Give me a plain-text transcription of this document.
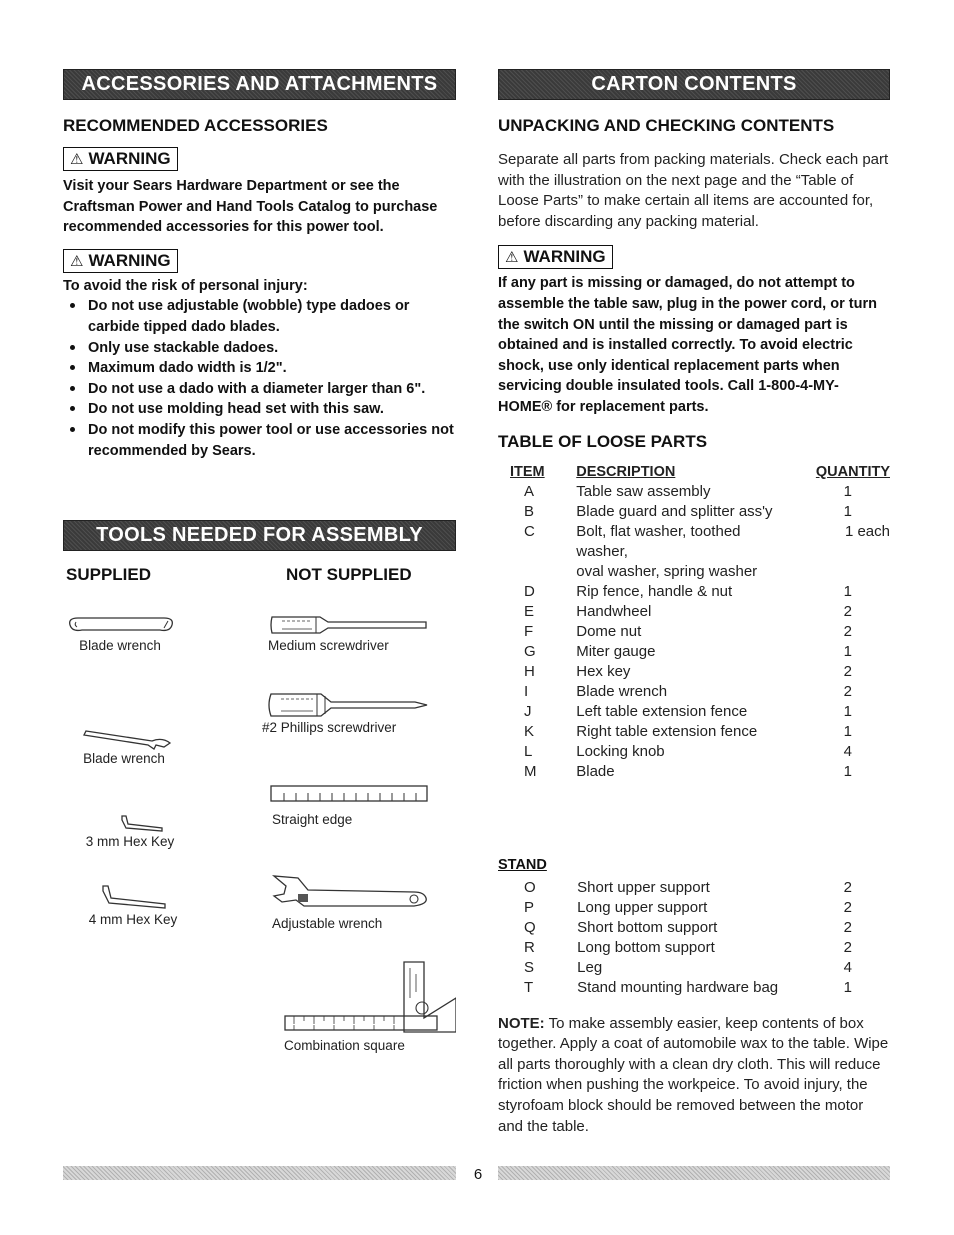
ACCESSORIES AND ATTACHMENTS
RECOMMENDED ACCESSORIES
⚠ WARNING

Visit your Sears Hardware Department or see the Craftsman Power and Hand Tools Catalog to purchase recommended accessories for this power tool.

⚠ WARNING

To avoid the risk of personal injury:

Do not use adjustable (wobble) type dadoes or carbide tipped dado blades.
Only use stackable dadoes.
Maximum dado width is 1/2".
Do not use a dado with a diameter larger than 6".
Do not use molding head set with this saw.
Do not modify this power tool or use accessories not recommended by Sears.
TOOLS NEEDED FOR ASSEMBLY
SUPPLIED	NOT SUPPLIED
Blade wrench
Blade wrench
3 mm Hex Key
4 mm Hex Key
Medium screwdriver
#2 Phillips screwdriver
Straight edge
Adjustable wrench
Combination square
CARTON CONTENTS
UNPACKING AND CHECKING CONTENTS

Separate all parts from packing materials. Check each part with the illustration on the next page and the “Table of Loose Parts” to make certain all items are accounted for, before discarding any packing material.

⚠ WARNING

If any part is missing or damaged, do not attempt to assemble the table saw, plug in the power cord, or turn the switch ON until the missing or damaged part is obtained and is installed correctly. To avoid electric shock, use only identical replacement parts when servicing double insulated tools. Call 1-800-4-MY-HOME® for replacement parts.

TABLE OF LOOSE PARTS
ITEM	DESCRIPTION	QUANTITY
A	Table saw assembly	1
B	Blade guard and splitter ass'y	1
C	Bolt, flat washer, toothed washer,	1 each
	oval washer, spring washer	
D	Rip fence, handle & nut	1
E	Handwheel	2
F	Dome nut	2
G	Miter gauge	1
H	Hex key	2
I	Blade wrench	2
J	Left table extension fence	1
K	Right table extension fence	1
L	Locking knob	4
M	Blade	1
STAND
O	Short upper support	2
P	Long upper support	2
Q	Short bottom support	2
R	Long bottom support	2
S	Leg	4
T	Stand mounting hardware bag	1

NOTE: To make assembly easier, keep contents of box together. Apply a coat of automobile wax to the table. Wipe all parts thoroughly with a clean dry cloth. This will reduce friction when pushing the workpeice. To avoid injury, the styrofoam block should be removed between the motor and the table.

6
